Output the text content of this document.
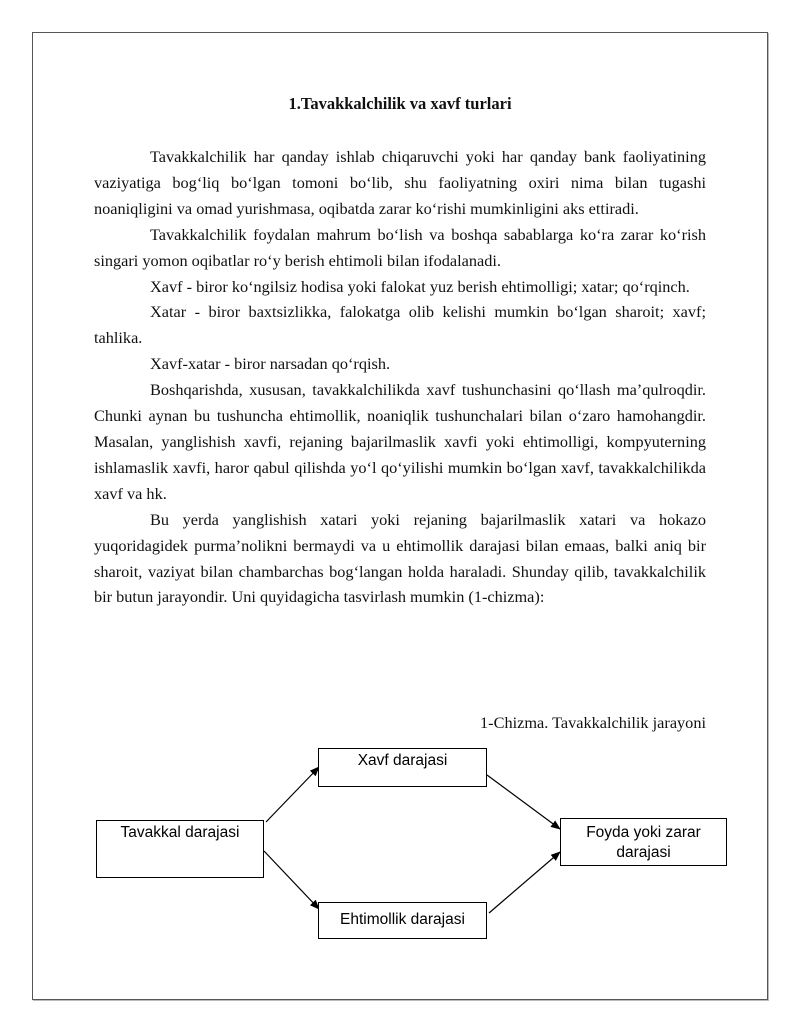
1.Tavakkalchilik va xavf turlari

Tavakkalchilik har qanday ishlab chiqaruvchi yoki har qanday bank faoliyatining vaziyatiga bog‘liq bo‘lgan tomoni bo‘lib, shu faoliyatning oxiri nima bilan tugashi noaniqligini va omad yurishmasa, oqibatda zarar ko‘rishi mumkinligini aks ettiradi.

Tavakkalchilik foydalan mahrum bo‘lish va boshqa sabablarga ko‘ra zarar ko‘rish singari yomon oqibatlar ro‘y berish ehtimoli bilan ifodalanadi.

Xavf - biror ko‘ngilsiz hodisa yoki falokat yuz berish ehtimolligi; xatar; qo‘rqinch.

Xatar - biror baxtsizlikka, falokatga olib kelishi mumkin bo‘lgan sharoit; xavf; tahlika.

Xavf-xatar - biror narsadan qo‘rqish.

Boshqarishda, xususan, tavakkalchilikda xavf tushunchasini qo‘llash ma’qulroqdir. Chunki aynan bu tushuncha ehtimollik, noaniqlik tushunchalari bilan o‘zaro hamohangdir. Masalan, yanglishish xavfi, rejaning bajarilmaslik xavfi yoki ehtimolligi, kompyuterning ishlamaslik xavfi, haror qabul qilishda yo‘l qo‘yilishi mumkin bo‘lgan xavf, tavakkalchilikda xavf va hk.

Bu yerda yanglishish xatari yoki rejaning bajarilmaslik xatari va hokazo yuqoridagidek purma’nolikni bermaydi va u ehtimollik darajasi bilan emaas, balki aniq bir sharoit, vaziyat bilan chambarchas bog‘langan holda haraladi. Shunday qilib, tavakkalchilik bir butun jarayondir. Uni quyidagicha tasvirlash mumkin (1-chizma):

1-Chizma. Tavakkalchilik jarayoni
Tavakkal darajasi
Xavf darajasi
Ehtimollik darajasi
Foyda yoki zarar darajasi
